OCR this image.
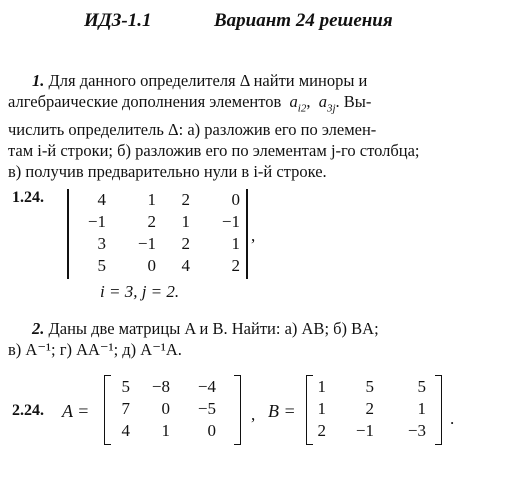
ИДЗ-1.1	Вариант 24 решения
1. Для данного определителя Δ найти миноры и
алгебраические дополнения элементов $a_{i2}$,  $a_{3j}$. Вы-
числить определитель Δ: а) разложив его по элемен-
там i-й строки; б) разложив его по элементам j-го столбца;
в) получив предварительно нули в i-й строке.
1.24.	4	1	2	0
−1	2	1	−1
3	−1	2	1
5	0	4	2
,
i = 3, j = 2.
2. Даны две матрицы A и B. Найти: а) AB; б) BA;
в) A⁻¹; г) AA⁻¹; д) A⁻¹A.
2.24. A =
5	−8	−4
7	0	−5
4	1	0
, B =
1	5	5
1	2	1
2	−1	−3
.
